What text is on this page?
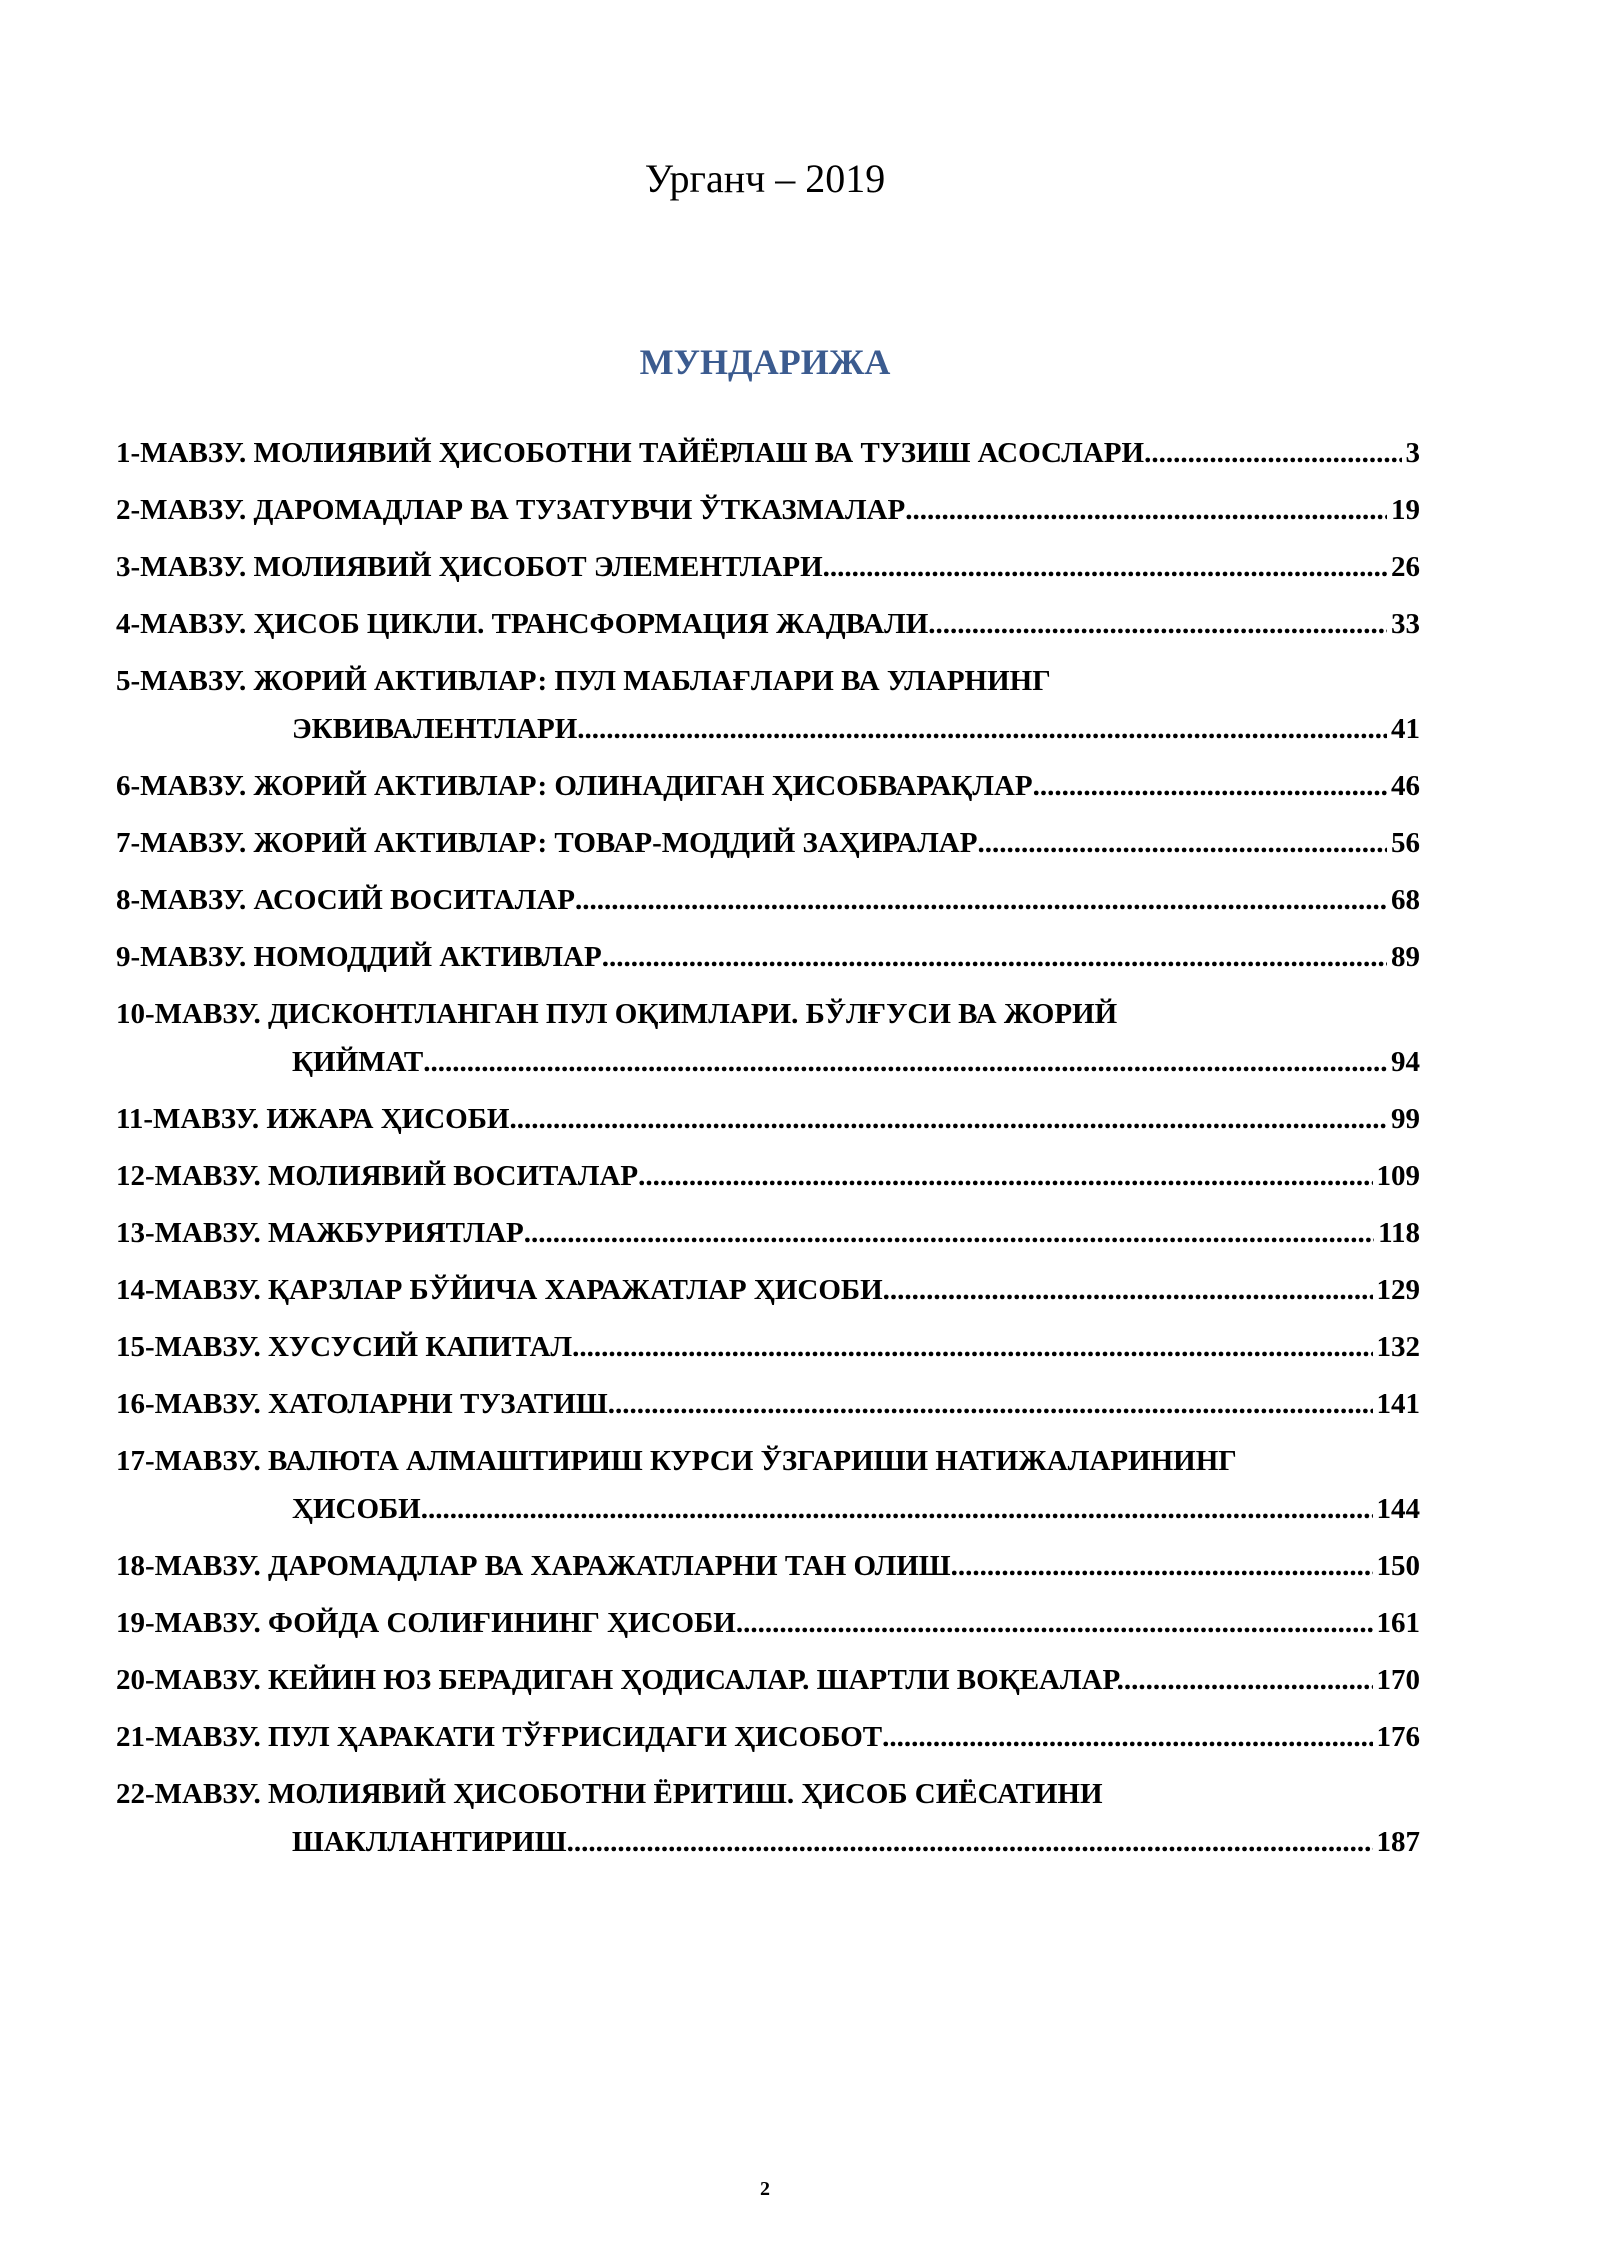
Урганч – 2019
МУНДАРИЖА
1-МАВЗУ. МОЛИЯВИЙ ҲИСОБОТНИ ТАЙЁРЛАШ ВА ТУЗИШ АСОСЛАРИ .....	3
2-МАВЗУ. ДАРОМАДЛАР ВА ТУЗАТУВЧИ ЎТКАЗМАЛАР .....	19
3-МАВЗУ. МОЛИЯВИЙ ҲИСОБОТ ЭЛЕМЕНТЛАРИ .....	26
4-МАВЗУ. ҲИСОБ ЦИКЛИ. ТРАНСФОРМАЦИЯ ЖАДВАЛИ .....	33
5-МАВЗУ. ЖОРИЙ АКТИВЛАР: ПУЛ МАБЛАҒЛАРИ ВА УЛАРНИНГ
ЭКВИВАЛЕНТЛАРИ .....	41
6-МАВЗУ. ЖОРИЙ АКТИВЛАР: ОЛИНАДИГАН ҲИСОБВАРАҚЛАР .....	46
7-МАВЗУ. ЖОРИЙ АКТИВЛАР: ТОВАР-МОДДИЙ ЗАҲИРАЛАР .....	56
8-МАВЗУ. АСОСИЙ ВОСИТАЛАР .....	68
9-МАВЗУ. НОМОДДИЙ АКТИВЛАР .....	89
10-МАВЗУ. ДИСКОНТЛАНГАН ПУЛ ОҚИМЛАРИ. БЎЛҒУСИ ВА ЖОРИЙ
ҚИЙМАТ .....	94
11-МАВЗУ. ИЖАРА ҲИСОБИ .....	99
12-МАВЗУ. МОЛИЯВИЙ ВОСИТАЛАР .....	109
13-МАВЗУ. МАЖБУРИЯТЛАР .....	118
14-МАВЗУ. ҚАРЗЛАР БЎЙИЧА ХАРАЖАТЛАР ҲИСОБИ .....	129
15-МАВЗУ. ХУСУСИЙ КАПИТАЛ .....	132
16-МАВЗУ. ХАТОЛАРНИ ТУЗАТИШ .....	141
17-МАВЗУ. ВАЛЮТА АЛМАШТИРИШ КУРСИ ЎЗГАРИШИ НАТИЖАЛАРИНИНГ
ҲИСОБИ .....	144
18-МАВЗУ. ДАРОМАДЛАР ВА ХАРАЖАТЛАРНИ ТАН ОЛИШ .....	150
19-МАВЗУ. ФОЙДА СОЛИҒИНИНГ ҲИСОБИ .....	161
20-МАВЗУ. КЕЙИН ЮЗ БЕРАДИГАН ҲОДИСАЛАР. ШАРТЛИ ВОҚЕАЛАР. .....	170
21-МАВЗУ. ПУЛ ҲАРАКАТИ ТЎҒРИСИДАГИ ҲИСОБОТ .....	176
22-МАВЗУ. МОЛИЯВИЙ ҲИСОБОТНИ ЁРИТИШ. ҲИСОБ СИЁСАТИНИ
ШАКЛЛАНТИРИШ .....	187
2
